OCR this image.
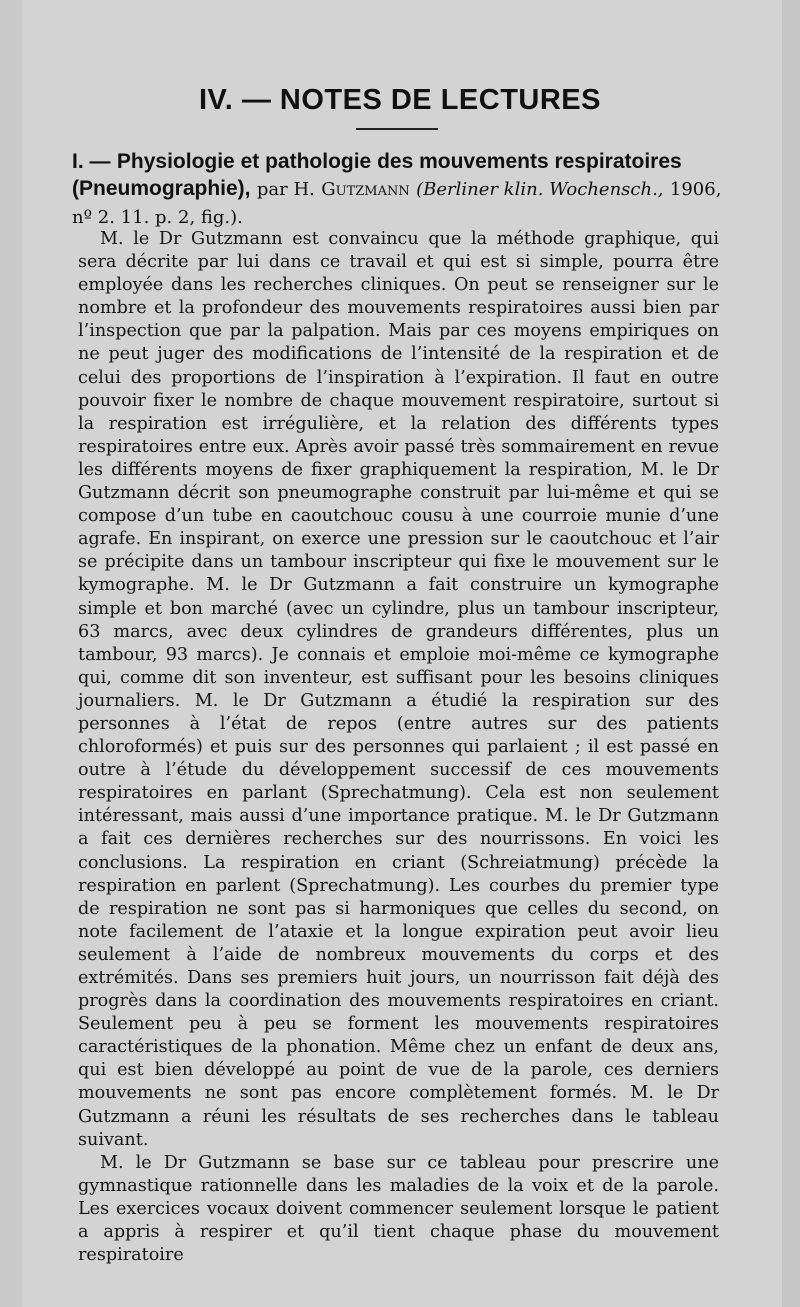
IV. — NOTES DE LECTURES
I. — Physiologie et pathologie des mouvements respiratoires (Pneumographie), par H. Gutzmann (Berliner klin. Wochensch., 1906, nº 2. 11. p. 2, fig.).

M. le Dr Gutzmann est convaincu que la méthode graphique, qui sera décrite par lui dans ce travail et qui est si simple, pourra être employée dans les recherches cliniques. On peut se renseigner sur le nombre et la profondeur des mouvements respiratoires aussi bien par l’inspection que par la palpation. Mais par ces moyens empiriques on ne peut juger des modifications de l’intensité de la respiration et de celui des proportions de l’inspiration à l’expiration. Il faut en outre pouvoir fixer le nombre de chaque mouvement respiratoire, surtout si la respiration est irrégulière, et la relation des différents types respiratoires entre eux. Après avoir passé très sommairement en revue les différents moyens de fixer graphiquement la respiration, M. le Dr Gutzmann décrit son pneumographe construit par lui-même et qui se compose d’un tube en caoutchouc cousu à une courroie munie d’une agrafe. En inspirant, on exerce une pression sur le caoutchouc et l’air se précipite dans un tambour inscripteur qui fixe le mouvement sur le kymographe. M. le Dr Gutzmann a fait construire un kymographe simple et bon marché (avec un cylindre, plus un tambour inscripteur, 63 marcs, avec deux cylindres de grandeurs différentes, plus un tambour, 93 marcs). Je connais et emploie moi-même ce kymographe qui, comme dit son inventeur, est suffisant pour les besoins cliniques journaliers. M. le Dr Gutzmann a étudié la respiration sur des personnes à l’état de repos (entre autres sur des patients chloroformés) et puis sur des personnes qui parlaient ; il est passé en outre à l’étude du développement successif de ces mouvements respiratoires en parlant (Sprechatmung). Cela est non seulement intéressant, mais aussi d’une importance pratique. M. le Dr Gutzmann a fait ces dernières recherches sur des nourrissons. En voici les conclusions. La respiration en criant (Schreiatmung) précède la respiration en parlent (Sprechatmung). Les courbes du premier type de respiration ne sont pas si harmoniques que celles du second, on note facilement de l’ataxie et la longue expiration peut avoir lieu seulement à l’aide de nombreux mouvements du corps et des extrémités. Dans ses premiers huit jours, un nourrisson fait déjà des progrès dans la coordination des mouvements respiratoires en criant. Seulement peu à peu se forment les mouvements respiratoires caractéristiques de la phonation. Même chez un enfant de deux ans, qui est bien développé au point de vue de la parole, ces derniers mouvements ne sont pas encore complètement formés. M. le Dr Gutzmann a réuni les résultats de ses recherches dans le tableau suivant.

M. le Dr Gutzmann se base sur ce tableau pour prescrire une gymnastique rationnelle dans les maladies de la voix et de la parole. Les exercices vocaux doivent commencer seulement lorsque le patient a appris à respirer et qu’il tient chaque phase du mouvement respiratoire
